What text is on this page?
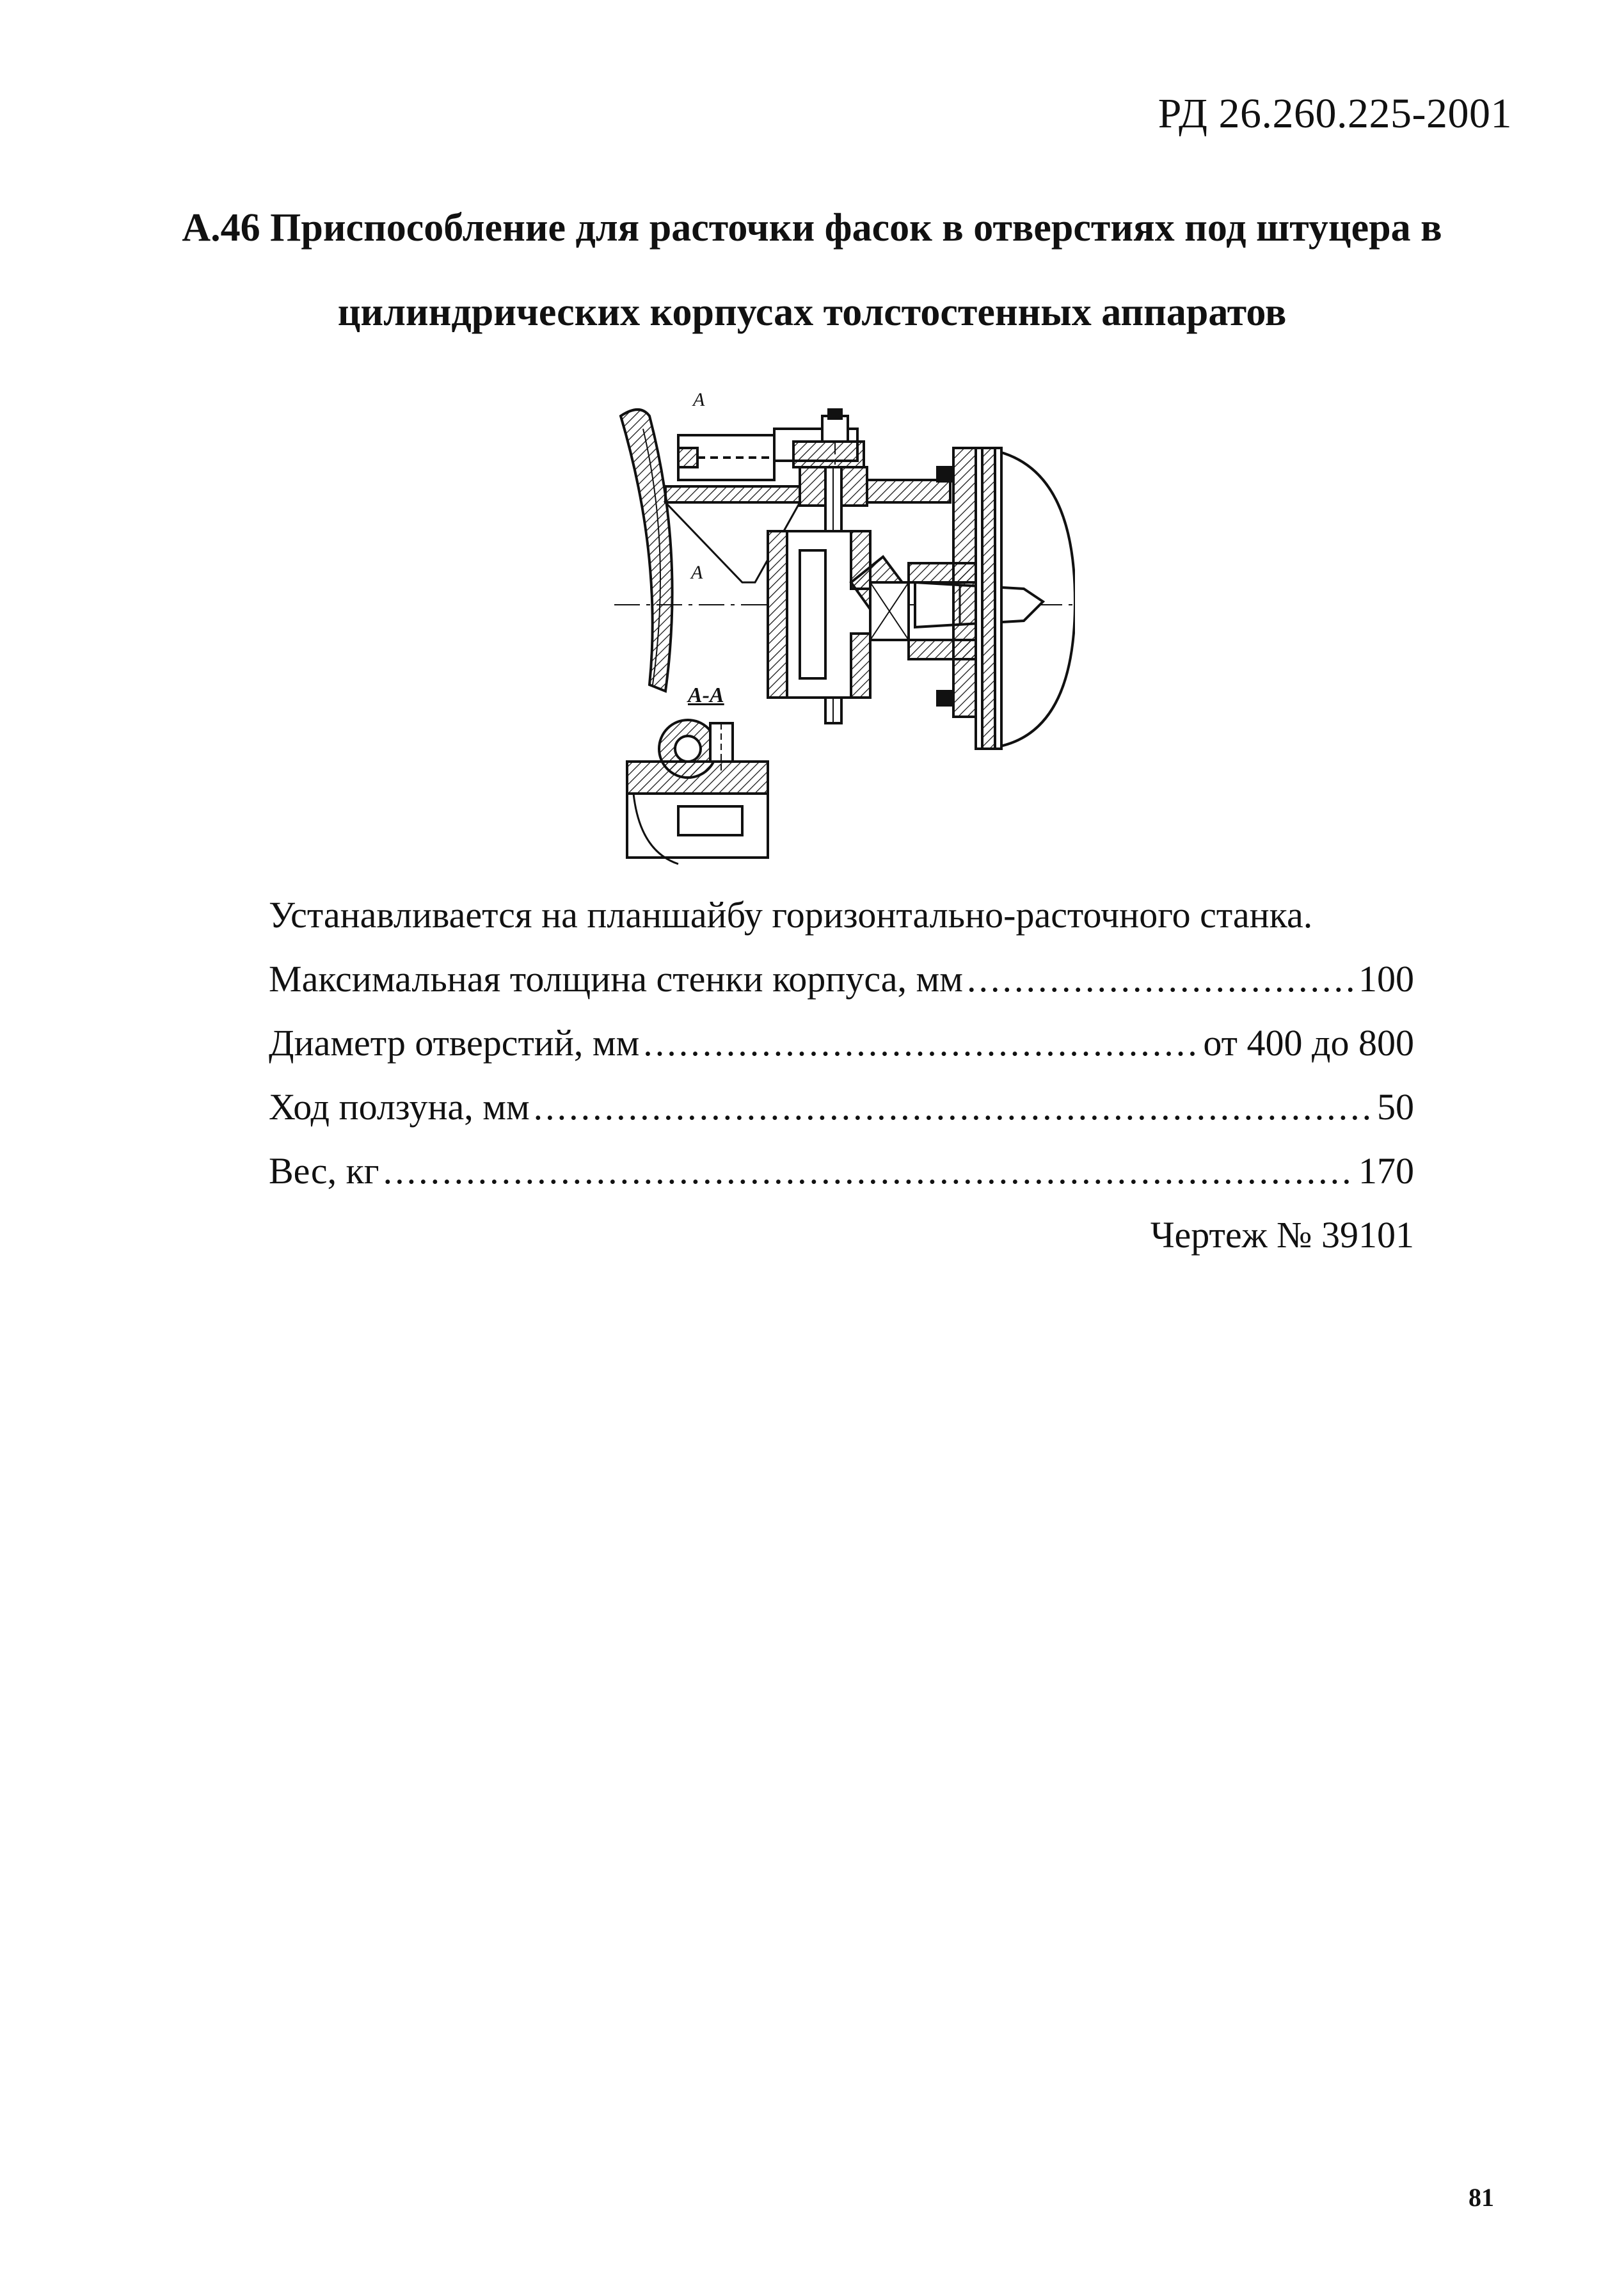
РД 26.260.225-2001
А.46 Приспособление для расточки фасок в отверстиях под штуцера в
цилиндрических корпусах толстостенных аппаратов
А-А
А
А
Устанавливается на планшайбу горизонтально-расточного станка.
Максимальная толщина стенки корпуса, мм .....	100
Диаметр отверстий, мм .....	от 400 до 800
Ход ползуна, мм .....	50
Вес, кг .....	170
Чертеж № 39101
81
